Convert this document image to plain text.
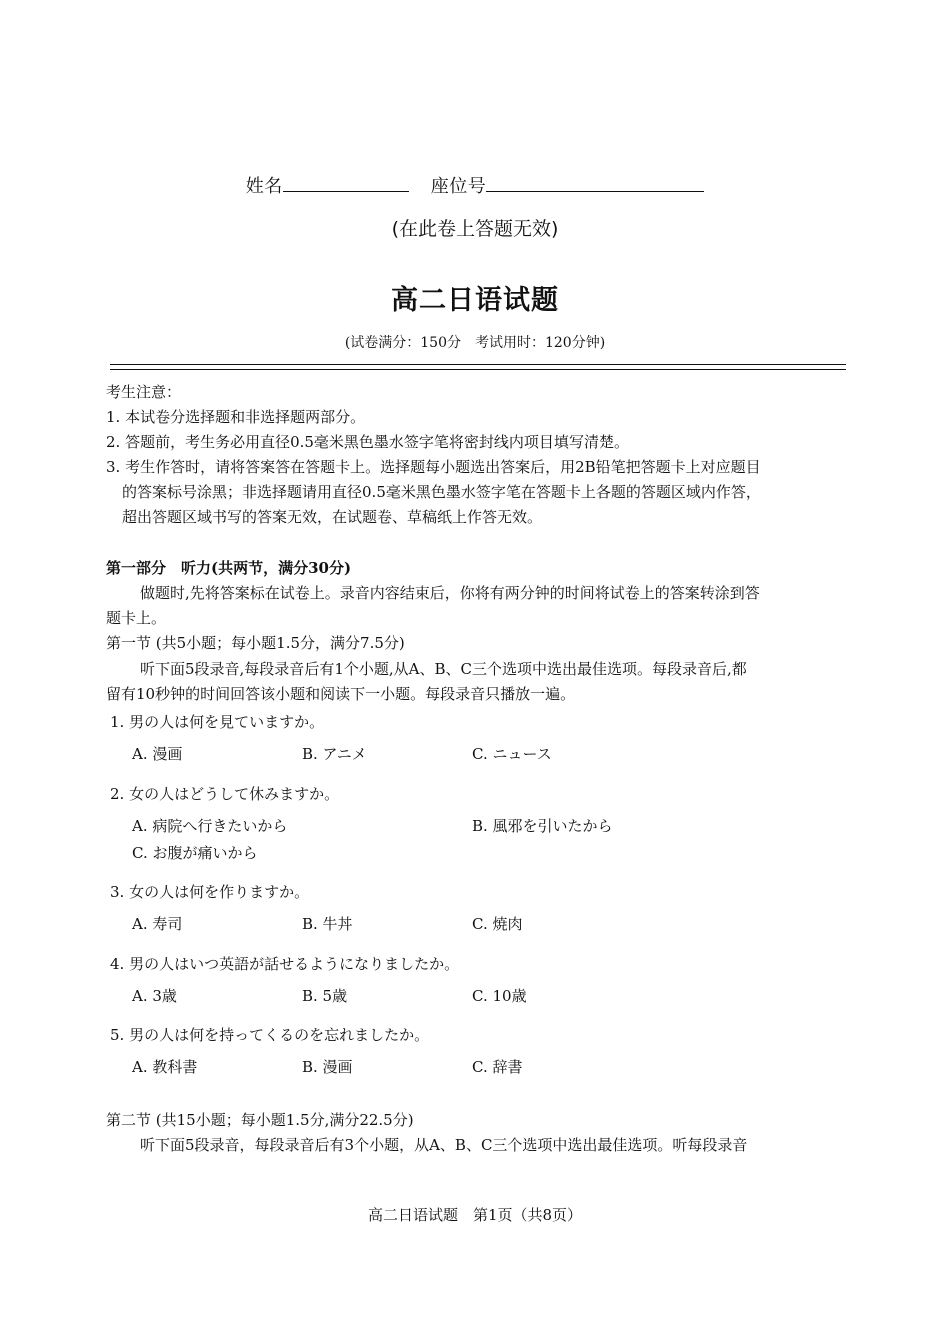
姓名	座位号
(在此卷上答题无效)
高二日语试题
(试卷满分：150分　考试用时：120分钟)
考生注意：
1. 本试卷分选择题和非选择题两部分。
2. 答题前，考生务必用直径0.5毫米黑色墨水签字笔将密封线内项目填写清楚。
3. 考生作答时，请将答案答在答题卡上。选择题每小题选出答案后，用2B铅笔把答题卡上对应题目
的答案标号涂黑；非选择题请用直径0.5毫米黑色墨水签字笔在答题卡上各题的答题区域内作答，
超出答题区域书写的答案无效，在试题卷、草稿纸上作答无效。
第一部分　听力(共两节，满分30分)
做题时,先将答案标在试卷上。录音内容结束后，你将有两分钟的时间将试卷上的答案转涂到答
题卡上。
第一节 (共5小题；每小题1.5分，满分7.5分)
听下面5段录音,每段录音后有1个小题,从A、B、C三个选项中选出最佳选项。每段录音后,都
留有10秒钟的时间回答该小题和阅读下一小题。每段录音只播放一遍。
1. 男の人は何を見ていますか。
A. 漫画	B. アニメ	C. ニュース
2. 女の人はどうして休みますか。
A. 病院へ行きたいから	B. 風邪を引いたから
C. お腹が痛いから
3. 女の人は何を作りますか。
A. 寿司	B. 牛丼	C. 焼肉
4. 男の人はいつ英語が話せるようになりましたか。
A. 3歳	B. 5歳	C. 10歳
5. 男の人は何を持ってくるのを忘れましたか。
A. 教科書	B. 漫画	C. 辞書
第二节 (共15小题；每小题1.5分,满分22.5分)
听下面5段录音，每段录音后有3个小题，从A、B、C三个选项中选出最佳选项。听每段录音
高二日语试题　第1页（共8页）
